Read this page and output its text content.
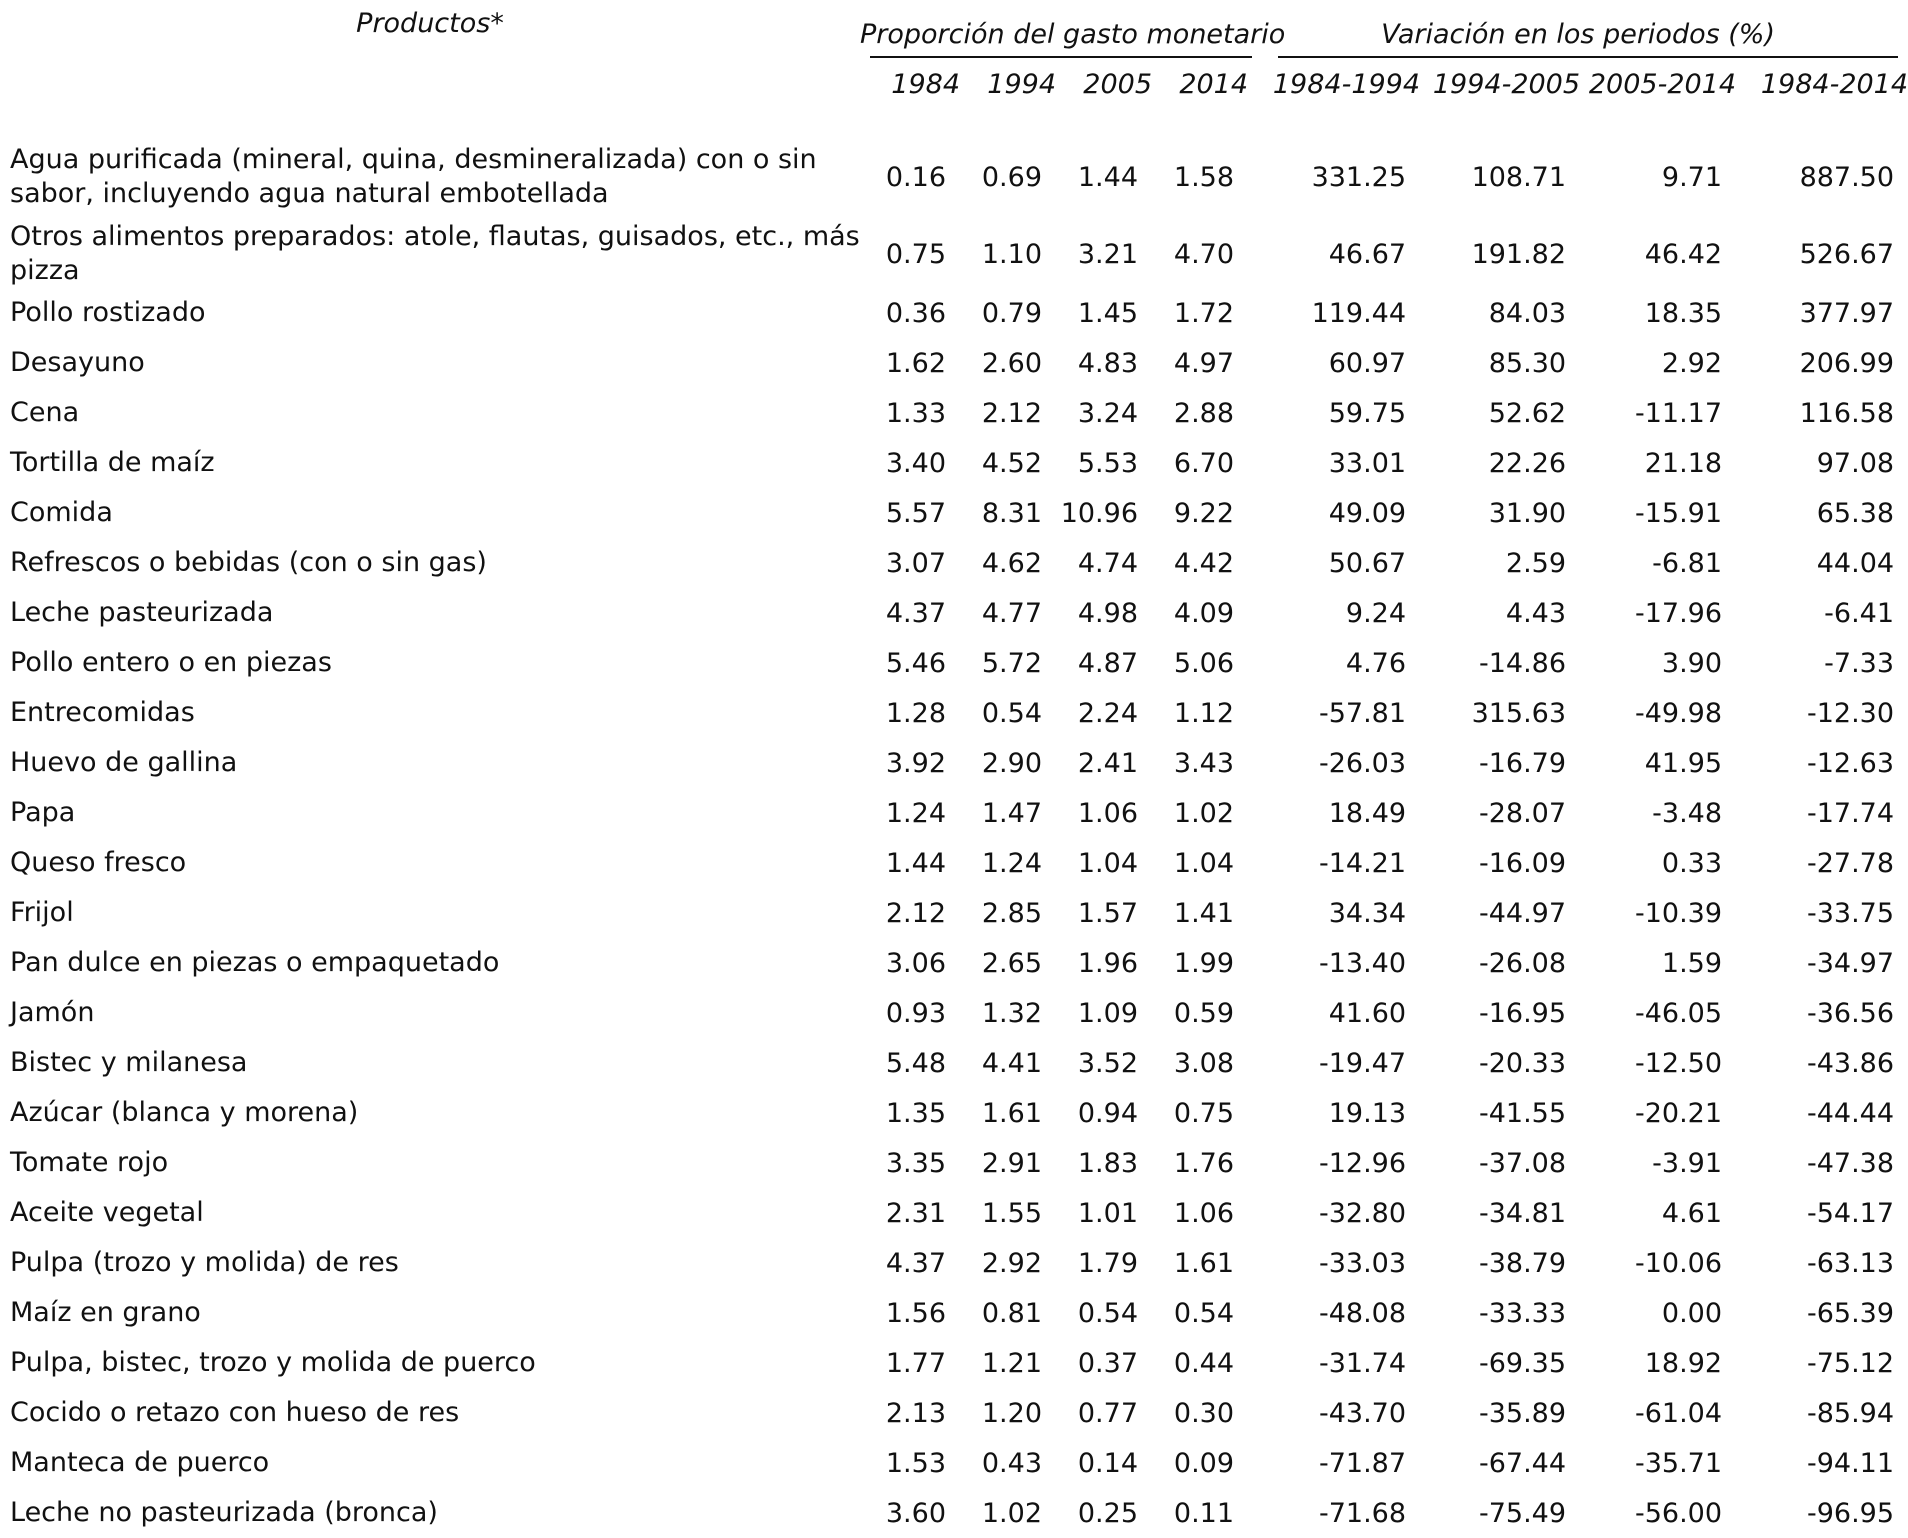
Productos*	Proporción del gasto monetario				Variación en los periodos (%)			
	1984	1994	2005	2014	1984-1994	1994-2005	2005-2014	1984-2014

Agua purificada (mineral, quina, desmineralizada) con o sin sabor, incluyendo agua natural embotellada	0.16	0.69	1.44	1.58	331.25	108.71	9.71	887.50
Otros alimentos preparados: atole, flautas, guisados, etc., más pizza	0.75	1.10	3.21	4.70	46.67	191.82	46.42	526.67
Pollo rostizado	0.36	0.79	1.45	1.72	119.44	84.03	18.35	377.97
Desayuno	1.62	2.60	4.83	4.97	60.97	85.30	2.92	206.99
Cena	1.33	2.12	3.24	2.88	59.75	52.62	-11.17	116.58
Tortilla de maíz	3.40	4.52	5.53	6.70	33.01	22.26	21.18	97.08
Comida	5.57	8.31	10.96	9.22	49.09	31.90	-15.91	65.38
Refrescos o bebidas (con o sin gas)	3.07	4.62	4.74	4.42	50.67	2.59	-6.81	44.04
Leche pasteurizada	4.37	4.77	4.98	4.09	9.24	4.43	-17.96	-6.41
Pollo entero o en piezas	5.46	5.72	4.87	5.06	4.76	-14.86	3.90	-7.33
Entrecomidas	1.28	0.54	2.24	1.12	-57.81	315.63	-49.98	-12.30
Huevo de gallina	3.92	2.90	2.41	3.43	-26.03	-16.79	41.95	-12.63
Papa	1.24	1.47	1.06	1.02	18.49	-28.07	-3.48	-17.74
Queso fresco	1.44	1.24	1.04	1.04	-14.21	-16.09	0.33	-27.78
Frijol	2.12	2.85	1.57	1.41	34.34	-44.97	-10.39	-33.75
Pan dulce en piezas o empaquetado	3.06	2.65	1.96	1.99	-13.40	-26.08	1.59	-34.97
Jamón	0.93	1.32	1.09	0.59	41.60	-16.95	-46.05	-36.56
Bistec y milanesa	5.48	4.41	3.52	3.08	-19.47	-20.33	-12.50	-43.86
Azúcar (blanca y morena)	1.35	1.61	0.94	0.75	19.13	-41.55	-20.21	-44.44
Tomate rojo	3.35	2.91	1.83	1.76	-12.96	-37.08	-3.91	-47.38
Aceite vegetal	2.31	1.55	1.01	1.06	-32.80	-34.81	4.61	-54.17
Pulpa (trozo y molida) de res	4.37	2.92	1.79	1.61	-33.03	-38.79	-10.06	-63.13
Maíz en grano	1.56	0.81	0.54	0.54	-48.08	-33.33	0.00	-65.39
Pulpa, bistec, trozo y molida de puerco	1.77	1.21	0.37	0.44	-31.74	-69.35	18.92	-75.12
Cocido o retazo con hueso de res	2.13	1.20	0.77	0.30	-43.70	-35.89	-61.04	-85.94
Manteca de puerco	1.53	0.43	0.14	0.09	-71.87	-67.44	-35.71	-94.11
Leche no pasteurizada (bronca)	3.60	1.02	0.25	0.11	-71.68	-75.49	-56.00	-96.95
